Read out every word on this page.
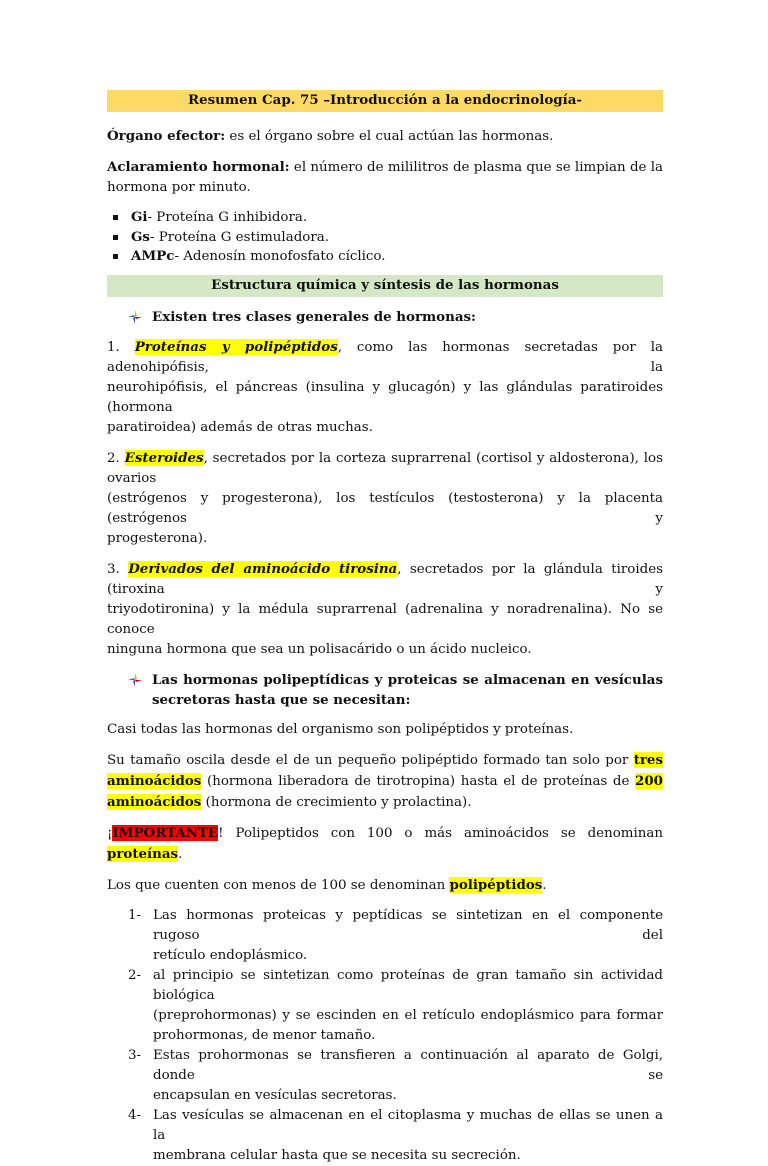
Resumen Cap. 75 –Introducción a la endocrinología-

Órgano efector: es el órgano sobre el cual actúan las hormonas.

Aclaramiento hormonal: el número de mililitros de plasma que se limpian de la

hormona por minuto.

Gi- Proteína G inhibidora.
Gs- Proteína G estimuladora.
AMPc- Adenosín monofosfato cíclico.
Estructura química y síntesis de las hormonas
Existen tres clases generales de hormonas:

1. Proteínas y polipéptidos, como las hormonas secretadas por la adenohipófisis, la

neurohipófisis, el páncreas (insulina y glucagón) y las glándulas paratiroides (hormona

paratiroidea) además de otras muchas.

2. Esteroides, secretados por la corteza suprarrenal (cortisol y aldosterona), los ovarios

(estrógenos y progesterona), los testículos (testosterona) y la placenta (estrógenos y

progesterona).

3. Derivados del aminoácido tirosina, secretados por la glándula tiroides (tiroxina y

triyodotironina) y la médula suprarrenal (adrenalina y noradrenalina). No se conoce

ninguna hormona que sea un polisacárido o un ácido nucleico.

Las hormonas polipeptídicas y proteicas se almacenan en vesículas
secretoras hasta que se necesitan:

Casi todas las hormonas del organismo son polipéptidos y proteínas.

Su tamaño oscila desde el de un pequeño polipéptido formado tan solo por tres

aminoácidos (hormona liberadora de tirotropina) hasta el de proteínas de 200

aminoácidos (hormona de crecimiento y prolactina).

¡IMPORTANTE! Polipeptidos con 100 o más aminoácidos se denominan proteínas.

Los que cuenten con menos de 100 se denominan polipéptidos.

1- Las hormonas proteicas y peptídicas se sintetizan en el componente rugoso del
retículo endoplásmico.
2- al principio se sintetizan como proteínas de gran tamaño sin actividad biológica
(preprohormonas) y se escinden en el retículo endoplásmico para formar
prohormonas, de menor tamaño.
3- Estas prohormonas se transfieren a continuación al aparato de Golgi, donde se
encapsulan en vesículas secretoras.
4- Las vesículas se almacenan en el citoplasma y muchas de ellas se unen a la
membrana celular hasta que se necesita su secreción.
